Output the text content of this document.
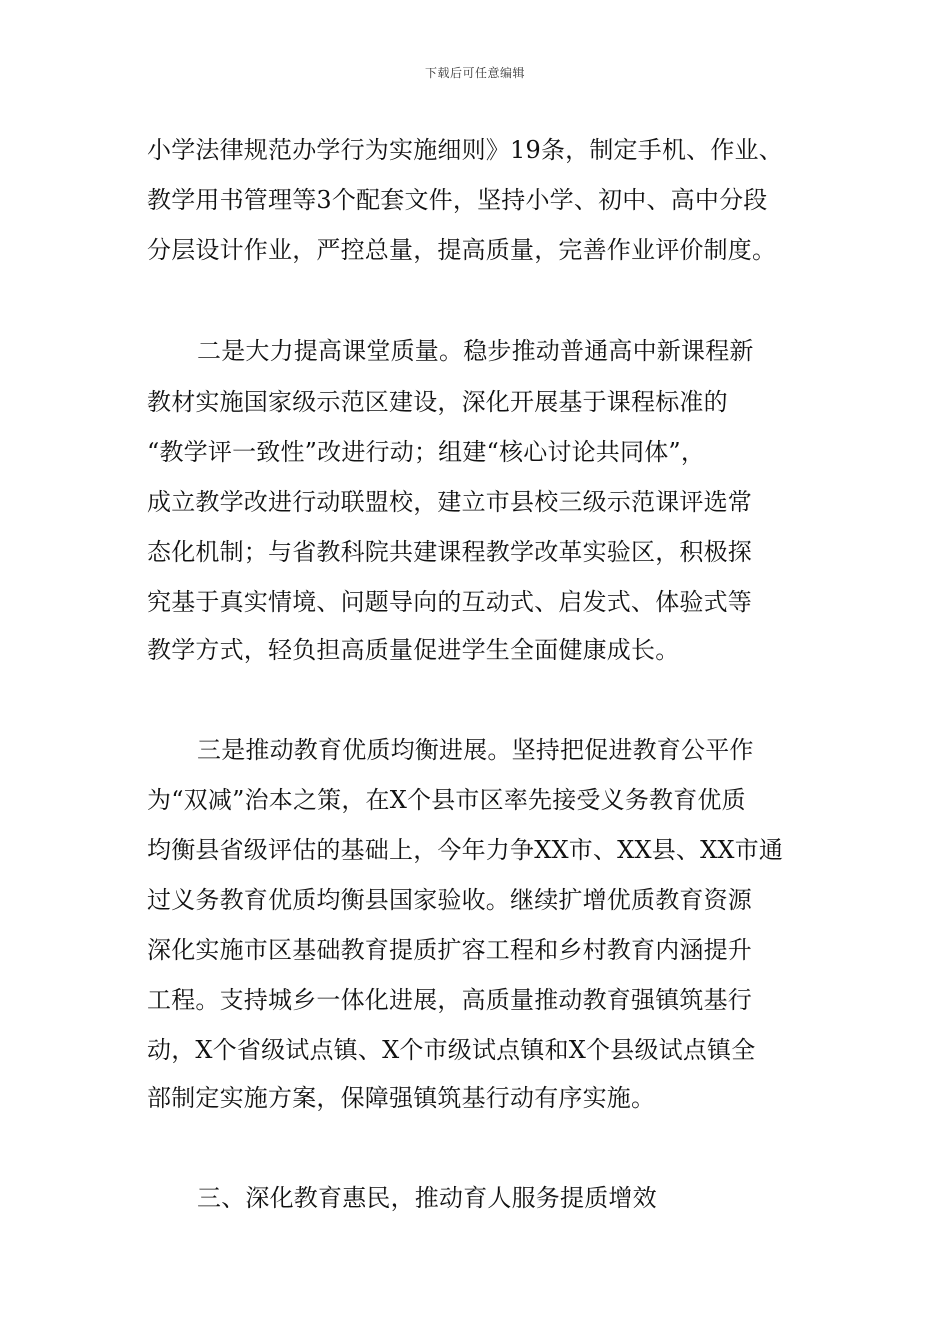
下载后可任意编辑
小学法律规范办学行为实施细则》19条，制定手机、作业、
教学用书管理等3个配套文件，坚持小学、初中、高中分段
分层设计作业，严控总量，提高质量，完善作业评价制度。
二是大力提高课堂质量。稳步推动普通高中新课程新
教材实施国家级示范区建设，深化开展基于课程标准的
“教学评一致性”改进行动；组建“核心讨论共同体”，
成立教学改进行动联盟校，建立市县校三级示范课评选常
态化机制；与省教科院共建课程教学改革实验区，积极探
究基于真实情境、问题导向的互动式、启发式、体验式等
教学方式，轻负担高质量促进学生全面健康成长。
三是推动教育优质均衡进展。坚持把促进教育公平作
为“双减”治本之策，在X个县市区率先接受义务教育优质
均衡县省级评估的基础上，今年力争XX市、XX县、XX市通
过义务教育优质均衡县国家验收。继续扩增优质教育资源
深化实施市区基础教育提质扩容工程和乡村教育内涵提升
工程。支持城乡一体化进展，高质量推动教育强镇筑基行
动，X个省级试点镇、X个市级试点镇和X个县级试点镇全
部制定实施方案，保障强镇筑基行动有序实施。
三、深化教育惠民，推动育人服务提质增效
